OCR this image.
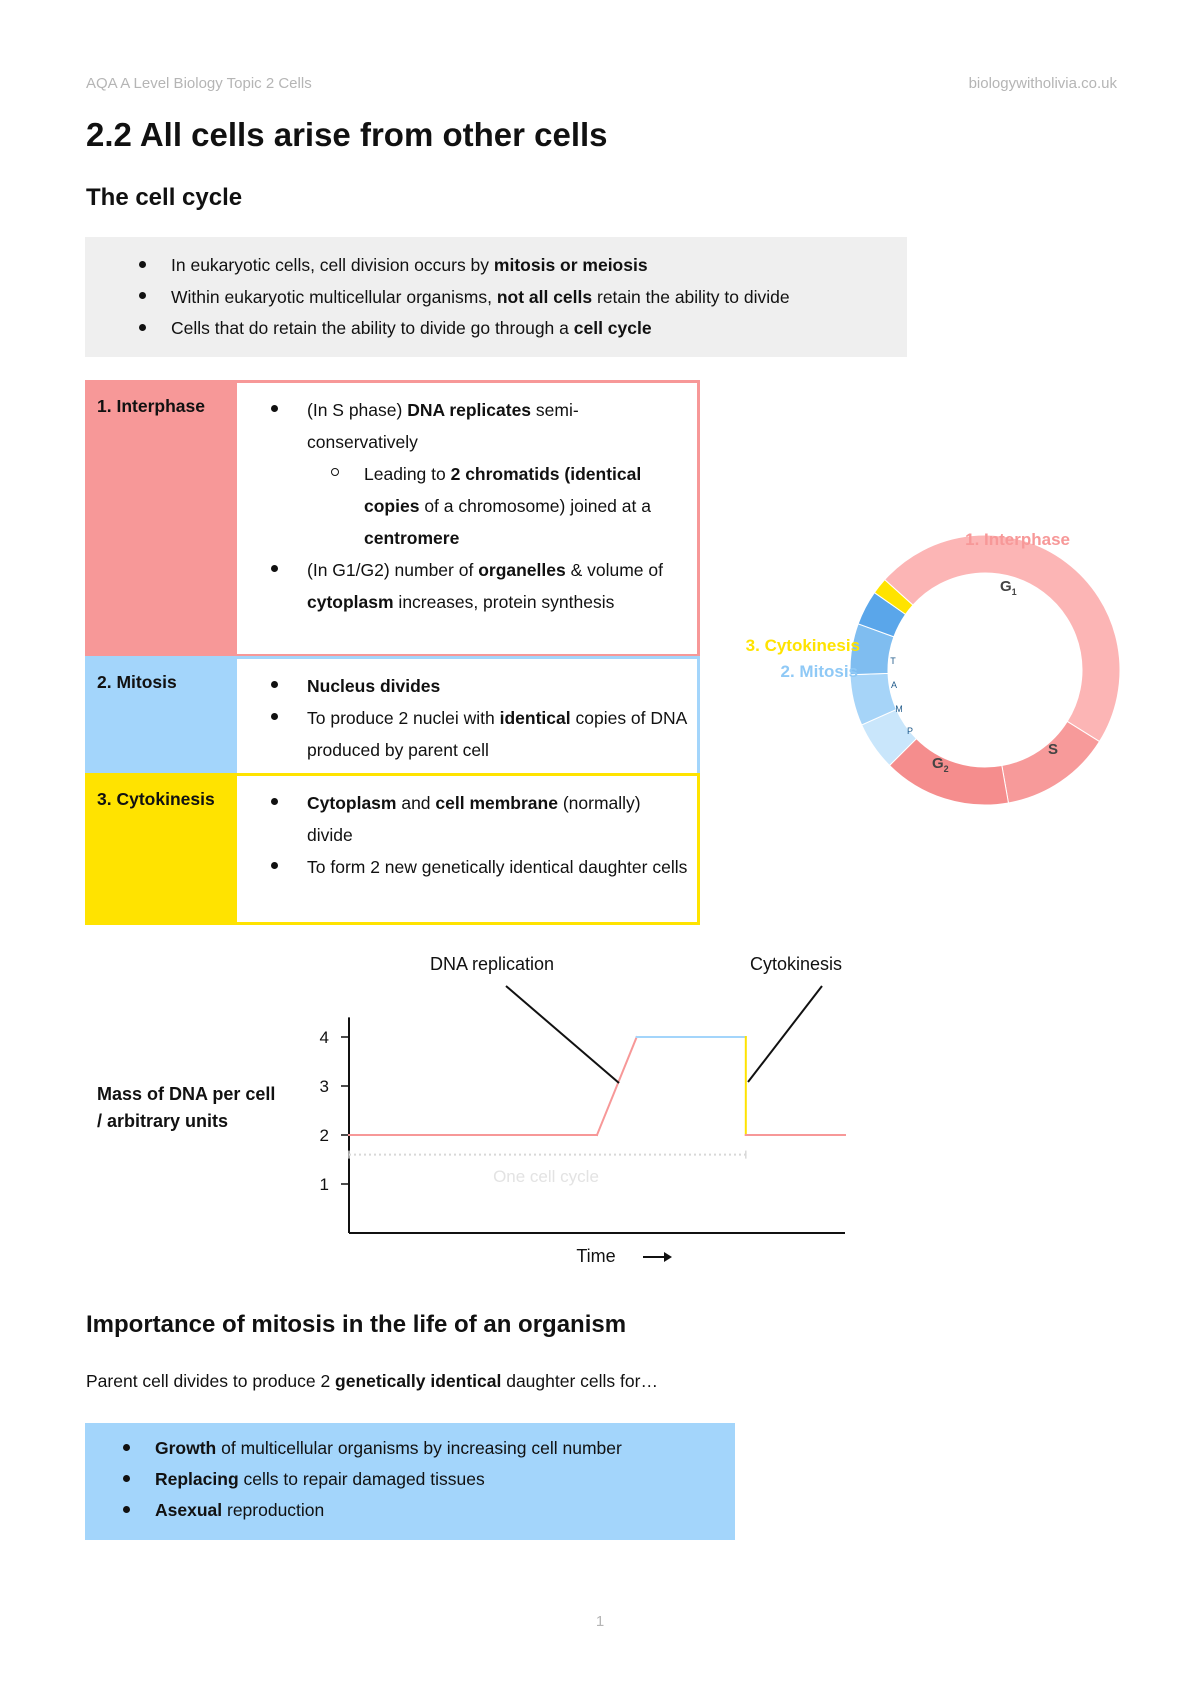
AQA A Level Biology Topic 2 Cells	biologywitholivia.co.uk
2.2 All cells arise from other cells
The cell cycle
In eukaryotic cells, cell division occurs by mitosis or meiosis
Within eukaryotic multicellular organisms, not all cells retain the ability to divide
Cells that do retain the ability to divide go through a cell cycle
1. Interphase	(In S phase) DNA replicates semi-conservatively
Leading to 2 chromatids (identical copies of a chromosome) joined at a centromere
(In G1/G2) number of organelles & volume of cytoplasm increases, protein synthesis
2. Mitosis	Nucleus divides
To produce 2 nuclei with identical copies of DNA produced by parent cell
3. Cytokinesis	Cytoplasm and cell membrane (normally) divide
To form 2 new genetically identical daughter cells
1. Interphase
$G_1$
S
$G_2$
3. Cytokinesis
2. Mitosis
T
A
M
P
DNA replication	Cytokinesis
Mass of DNA per cell
/ arbitrary units
Time
One cell cycle
1
2
3
4
Importance of mitosis in the life of an organism

Parent cell divides to produce 2 genetically identical daughter cells for…

Growth of multicellular organisms by increasing cell number
Replacing cells to repair damaged tissues
Asexual reproduction
1
